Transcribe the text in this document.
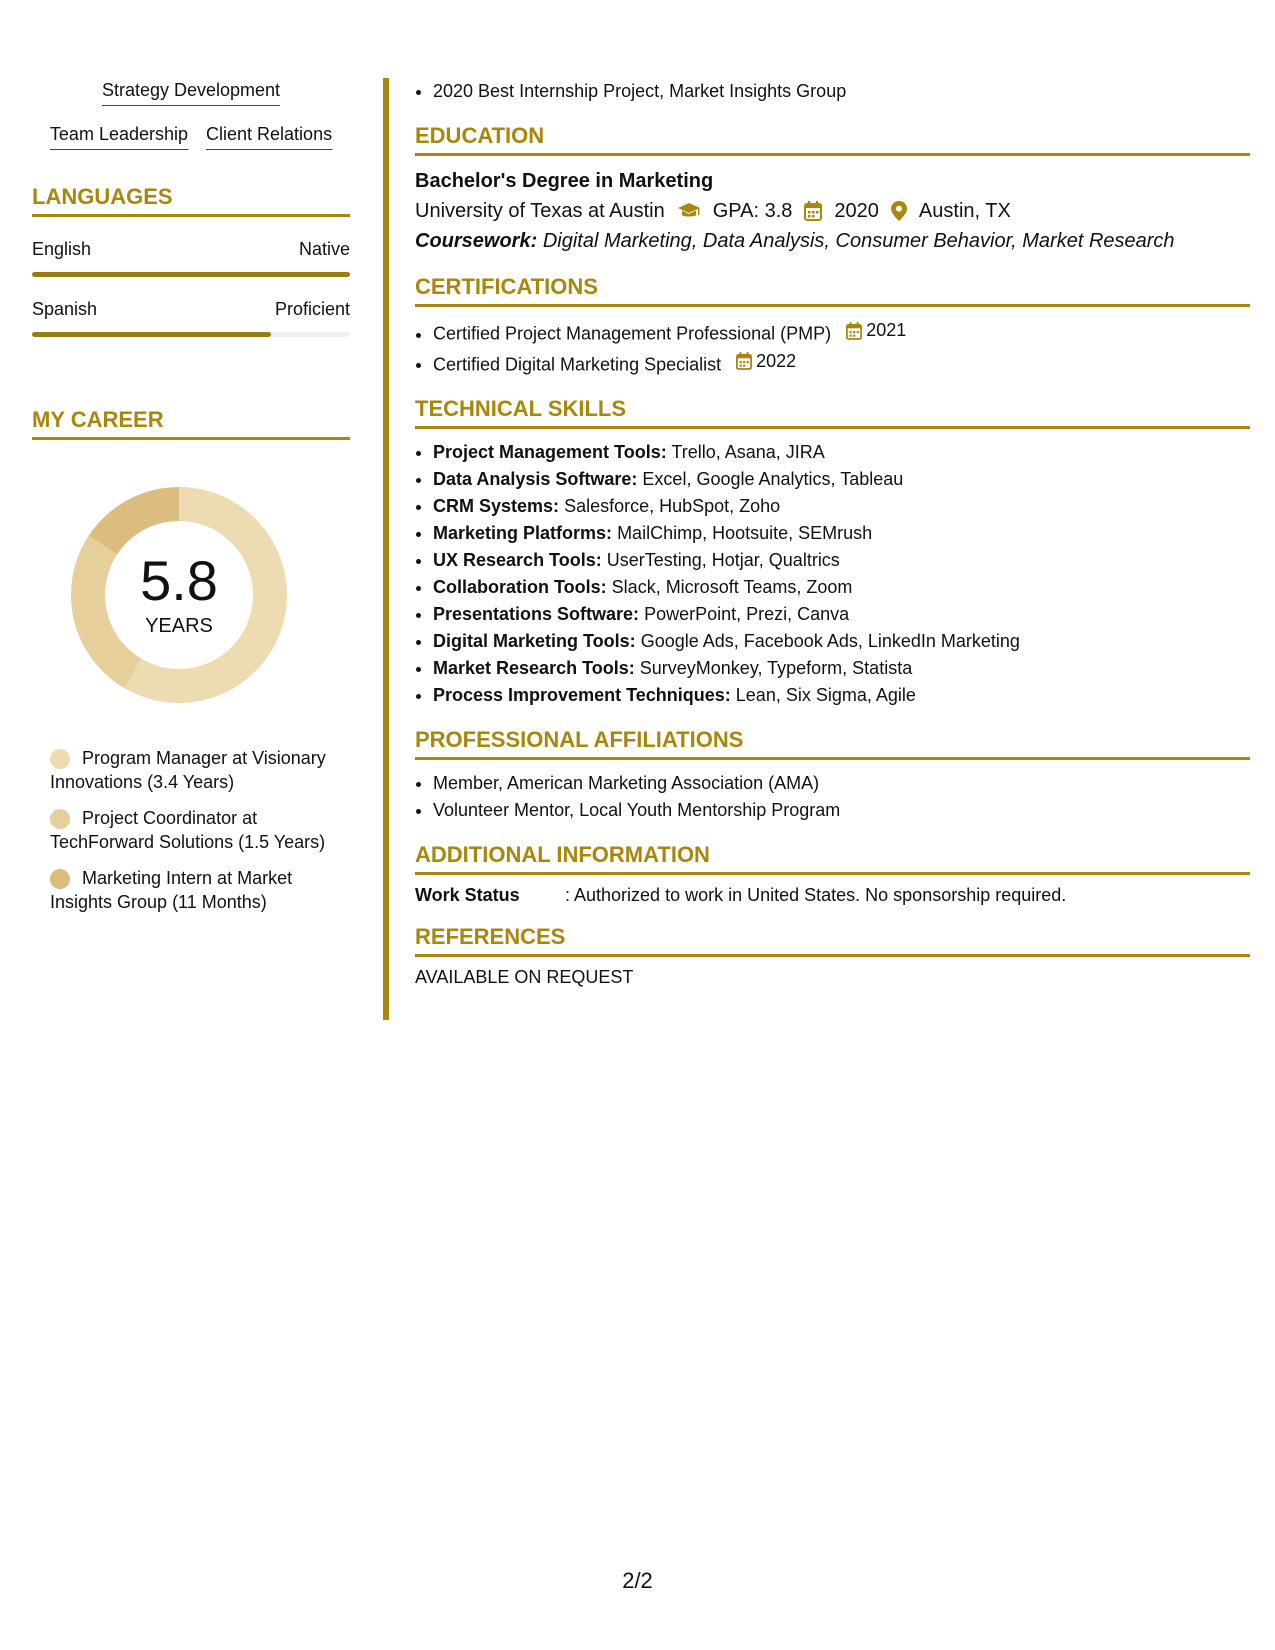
Strategy Development
Team Leadership Client Relations
LANGUAGES
English	Native
Spanish	Proficient
MY CAREER
5.8
YEARS
Program Manager at Visionary Innovations (3.4 Years)
Project Coordinator at TechForward Solutions (1.5 Years)
Marketing Intern at Market Insights Group (11 Months)
• 2020 Best Internship Project, Market Insights Group
EDUCATION
Bachelor's Degree in Marketing
University of Texas at Austin GPA: 3.8 2020 Austin, TX
Coursework: Digital Marketing, Data Analysis, Consumer Behavior, Market Research
CERTIFICATIONS
• Certified Project Management Professional (PMP) 2021
• Certified Digital Marketing Specialist 2022
TECHNICAL SKILLS
• Project Management Tools: Trello, Asana, JIRA
• Data Analysis Software: Excel, Google Analytics, Tableau
• CRM Systems: Salesforce, HubSpot, Zoho
• Marketing Platforms: MailChimp, Hootsuite, SEMrush
• UX Research Tools: UserTesting, Hotjar, Qualtrics
• Collaboration Tools: Slack, Microsoft Teams, Zoom
• Presentations Software: PowerPoint, Prezi, Canva
• Digital Marketing Tools: Google Ads, Facebook Ads, LinkedIn Marketing
• Market Research Tools: SurveyMonkey, Typeform, Statista
• Process Improvement Techniques: Lean, Six Sigma, Agile
PROFESSIONAL AFFILIATIONS
• Member, American Marketing Association (AMA)
• Volunteer Mentor, Local Youth Mentorship Program
ADDITIONAL INFORMATION
Work Status	: Authorized to work in United States. No sponsorship required.
REFERENCES
AVAILABLE ON REQUEST
2/2
